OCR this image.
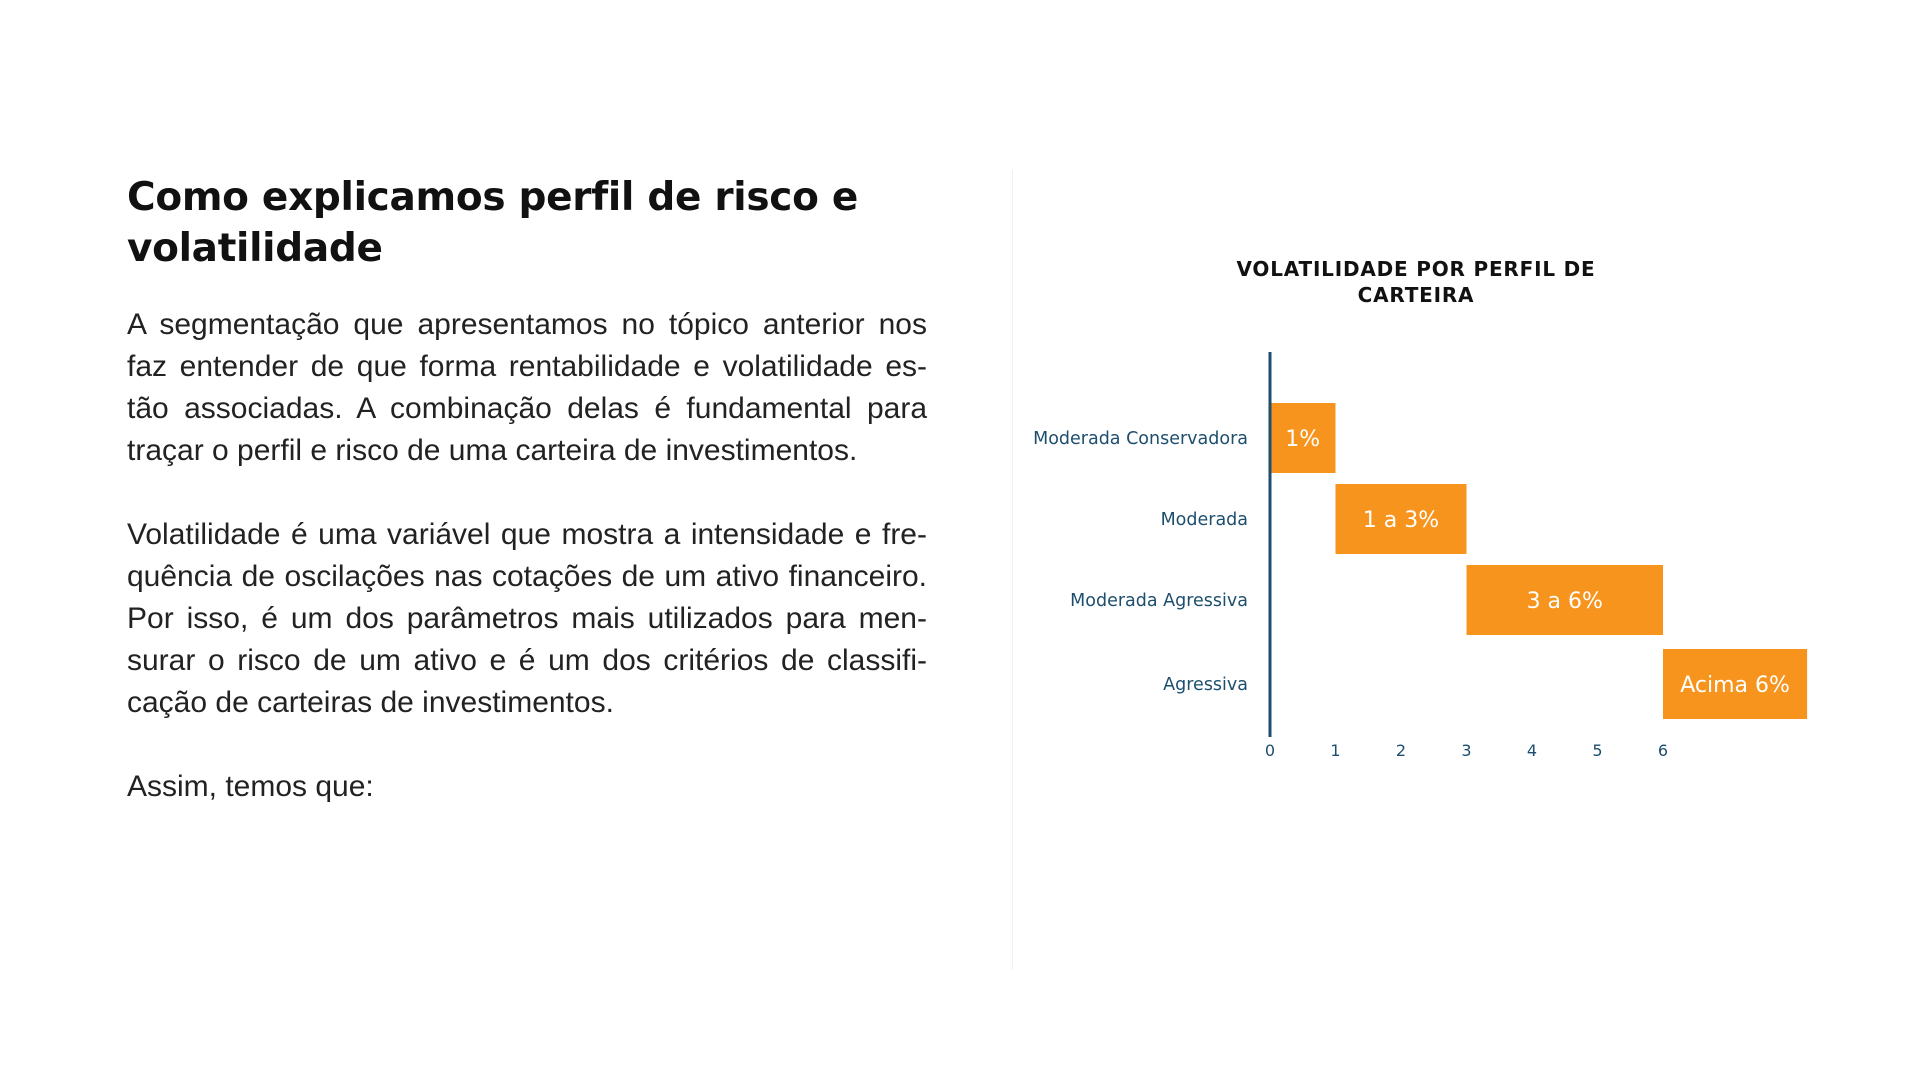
Como explicamos perfil de risco e volatilidade

A segmentação que apresentamos no tópico anterior nos faz entender de que forma rentabilidade e volatilidade es-tão associadas. A combinação delas é fundamental para traçar o perfil e risco de uma carteira de investimentos.

Volatilidade é uma variável que mostra a intensidade e fre-quência de oscilações nas cotações de um ativo financeiro. Por isso, é um dos parâmetros mais utilizados para men-surar o risco de um ativo e é um dos critérios de classifi-cação de carteiras de investimentos.

Assim, temos que:

VOLATILIDADE POR PERFIL DE CARTEIRA
1%
1 a 3%
3 a 6%
Acima 6%
Moderada Conservadora
Moderada
Moderada Agressiva
Agressiva
0	1	2	3	4	5	6
